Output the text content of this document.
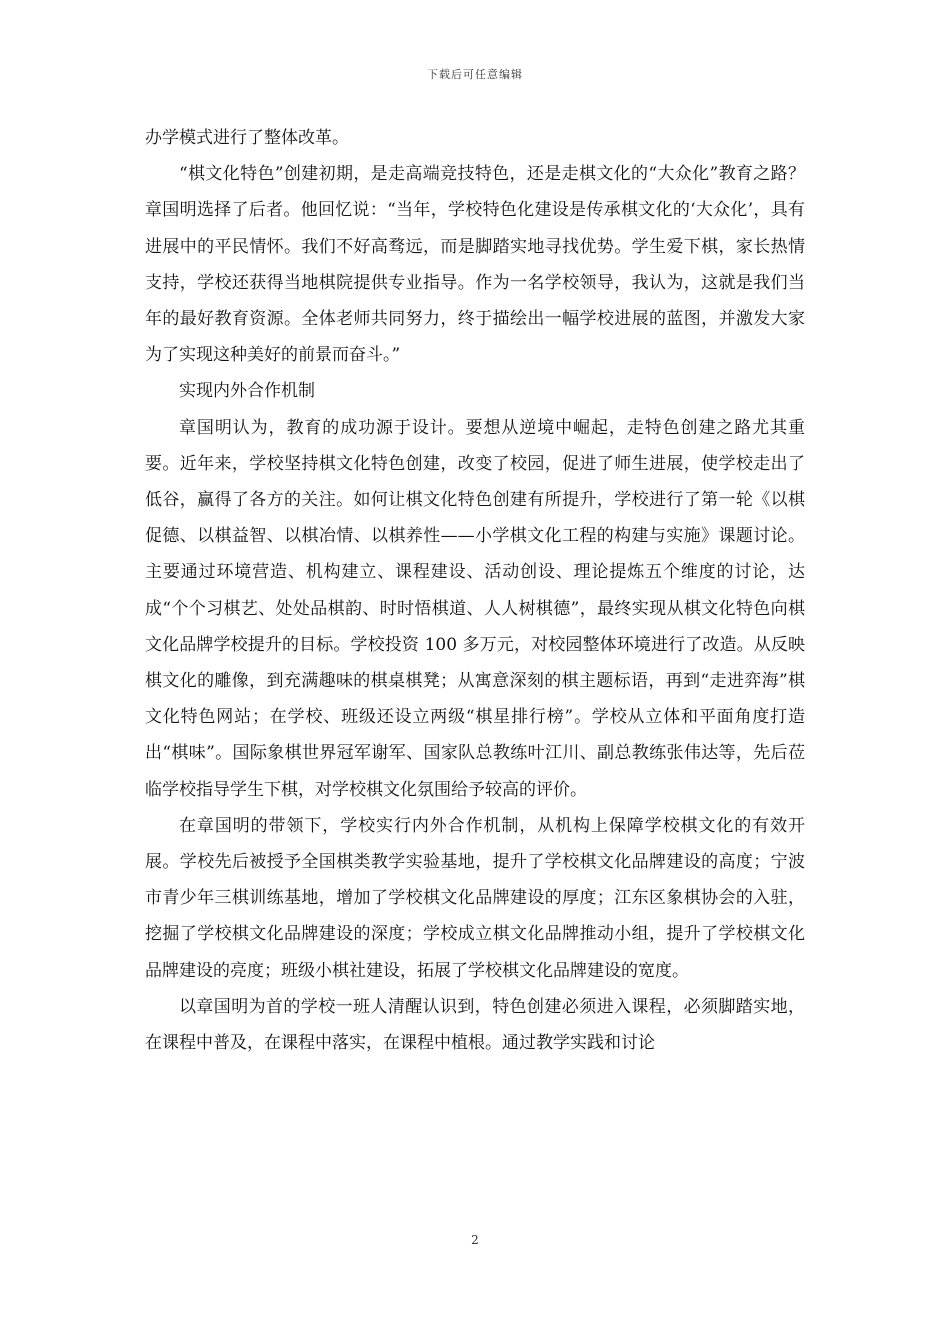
下载后可任意编辑

办学模式进行了整体改革。

“棋文化特色”创建初期，是走高端竞技特色，还是走棋文化的“大众化”教育之路？章国明选择了后者。他回忆说：“当年，学校特色化建设是传承棋文化的‘大众化’，具有进展中的平民情怀。我们不好高骛远，而是脚踏实地寻找优势。学生爱下棋，家长热情支持，学校还获得当地棋院提供专业指导。作为一名学校领导，我认为，这就是我们当年的最好教育资源。全体老师共同努力，终于描绘出一幅学校进展的蓝图，并激发大家为了实现这种美好的前景而奋斗。”

实现内外合作机制

章国明认为，教育的成功源于设计。要想从逆境中崛起，走特色创建之路尤其重要。近年来，学校坚持棋文化特色创建，改变了校园，促进了师生进展，使学校走出了低谷，赢得了各方的关注。如何让棋文化特色创建有所提升，学校进行了第一轮《以棋促德、以棋益智、以棋冶情、以棋养性——小学棋文化工程的构建与实施》课题讨论。主要通过环境营造、机构建立、课程建设、活动创设、理论提炼五个维度的讨论，达成“个个习棋艺、处处品棋韵、时时悟棋道、人人树棋德”，最终实现从棋文化特色向棋文化品牌学校提升的目标。学校投资 100 多万元，对校园整体环境进行了改造。从反映棋文化的雕像，到充满趣味的棋桌棋凳；从寓意深刻的棋主题标语，再到“走进弈海”棋文化特色网站；在学校、班级还设立两级“棋星排行榜”。学校从立体和平面角度打造出“棋味”。国际象棋世界冠军谢军、国家队总教练叶江川、副总教练张伟达等，先后莅临学校指导学生下棋，对学校棋文化氛围给予较高的评价。

在章国明的带领下，学校实行内外合作机制，从机构上保障学校棋文化的有效开展。学校先后被授予全国棋类教学实验基地，提升了学校棋文化品牌建设的高度；宁波市青少年三棋训练基地，增加了学校棋文化品牌建设的厚度；江东区象棋协会的入驻，挖掘了学校棋文化品牌建设的深度；学校成立棋文化品牌推动小组，提升了学校棋文化品牌建设的亮度；班级小棋社建设，拓展了学校棋文化品牌建设的宽度。

以章国明为首的学校一班人清醒认识到，特色创建必须进入课程，必须脚踏实地，在课程中普及，在课程中落实，在课程中植根。通过教学实践和讨论

2
